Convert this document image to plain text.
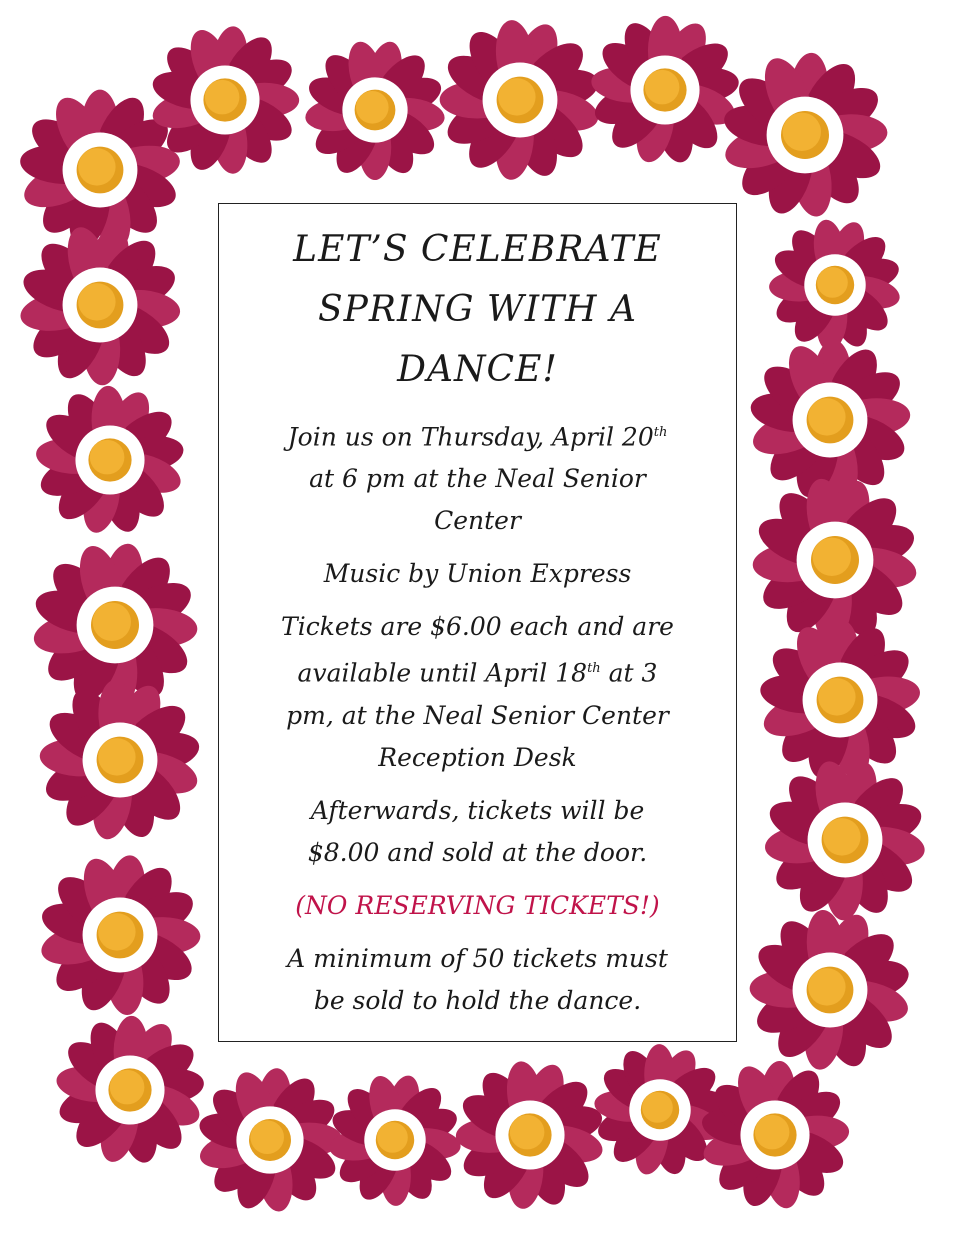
LET’S CELEBRATE
SPRING WITH A
DANCE!

Join us on Thursday, April 20th
at 6 pm at the Neal Senior
Center

Music by Union Express

Tickets are $6.00 each and are
available until April 18th at 3
pm, at the Neal Senior Center
Reception Desk

Afterwards, tickets will be
$8.00 and sold at the door.

(NO RESERVING TICKETS!)

A minimum of 50 tickets must
be sold to hold the dance.
